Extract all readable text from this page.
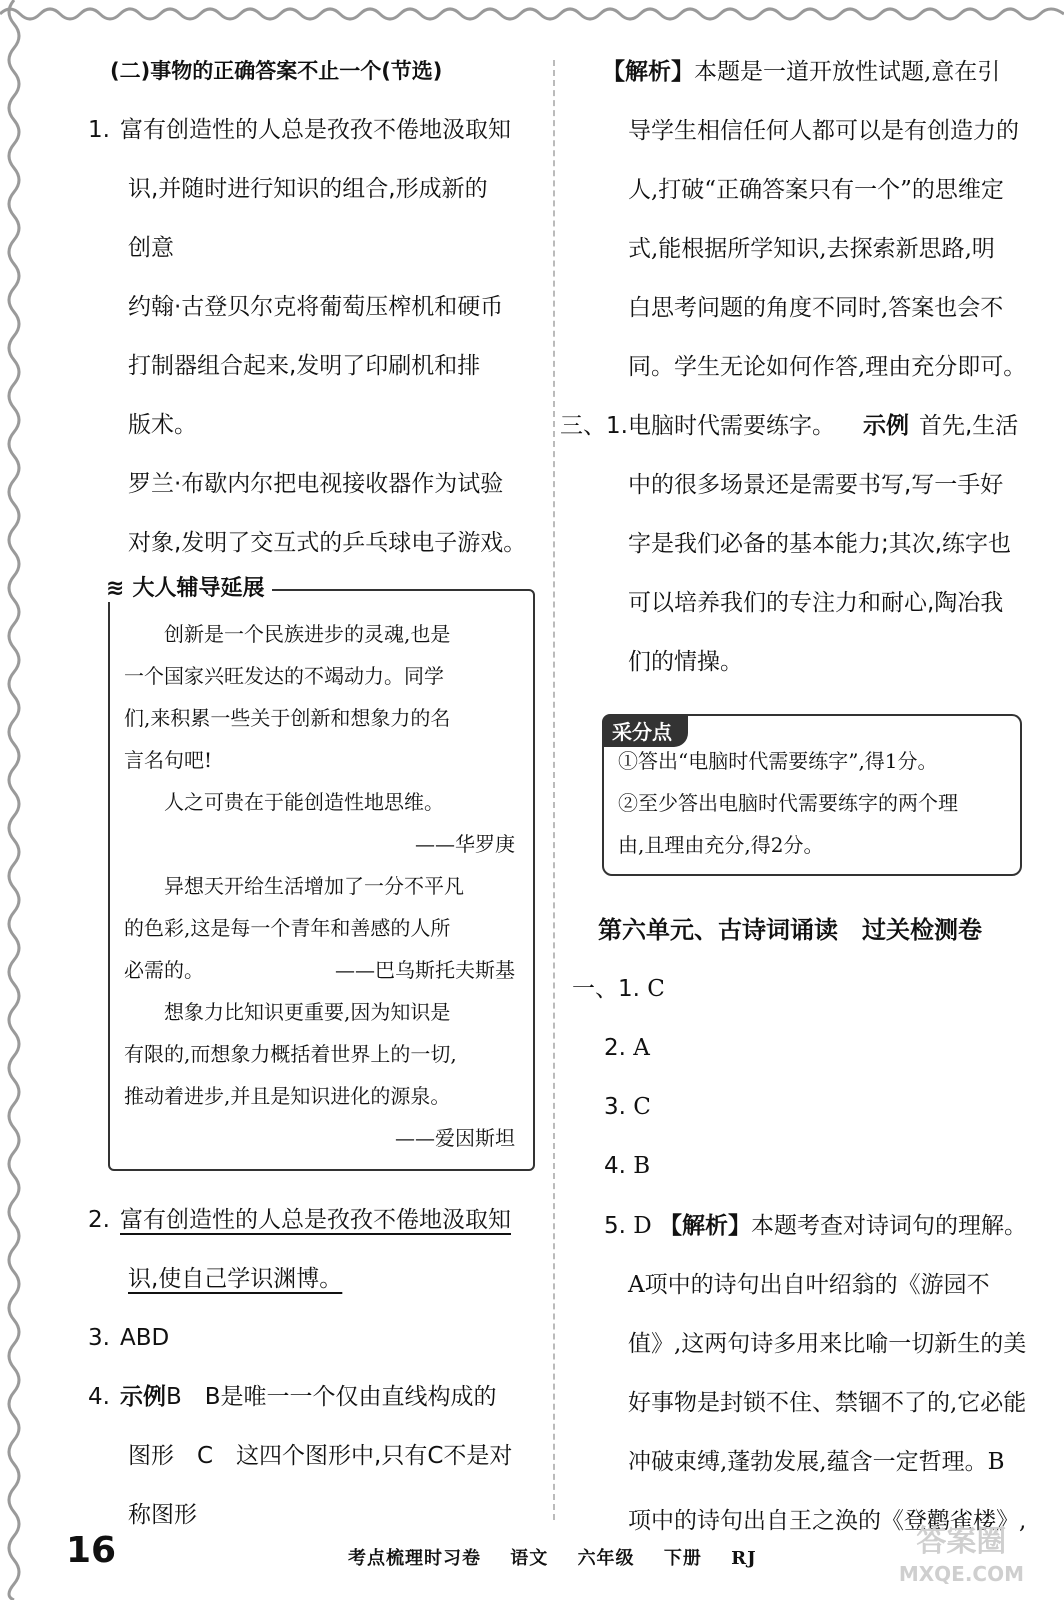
(二)事物的正确答案不止一个(节选)
1. 富有创造性的人总是孜孜不倦地汲取知
识,并随时进行知识的组合,形成新的
创意
约翰·古登贝尔克将葡萄压榨机和硬币
打制器组合起来,发明了印刷机和排
版术。
罗兰·布歇内尔把电视接收器作为试验
对象,发明了交互式的乒乓球电子游戏。
≋ 大人辅导延展
创新是一个民族进步的灵魂,也是
一个国家兴旺发达的不竭动力。同学
们,来积累一些关于创新和想象力的名
言名句吧!
人之可贵在于能创造性地思维。
——华罗庚
异想天开给生活增加了一分不平凡
的色彩,这是每一个青年和善感的人所
必需的。	——巴乌斯托夫斯基
想象力比知识更重要,因为知识是
有限的,而想象力概括着世界上的一切,
推动着进步,并且是知识进化的源泉。
——爱因斯坦
2. 富有创造性的人总是孜孜不倦地汲取知
识,使自己学识渊博。
3. ABD
4. 示例B　B是唯一一个仅由直线构成的
图形　C　这四个图形中,只有C不是对
称图形
【解析】本题是一道开放性试题,意在引
导学生相信任何人都可以是有创造力的
人,打破“正确答案只有一个”的思维定
式,能根据所学知识,去探索新思路,明
白思考问题的角度不同时,答案也会不
同。学生无论如何作答,理由充分即可。
三、1.电脑时代需要练字。 示例 首先,生活
中的很多场景还是需要书写,写一手好
字是我们必备的基本能力;其次,练字也
可以培养我们的专注力和耐心,陶冶我
们的情操。
采分点
①答出“电脑时代需要练字”,得1分。
②至少答出电脑时代需要练字的两个理
由,且理由充分,得2分。
第六单元、古诗词诵读　过关检测卷
一、1. C
2. A
3. C
4. B
5. D 【解析】本题考查对诗词句的理解。
A项中的诗句出自叶绍翁的《游园不
值》,这两句诗多用来比喻一切新生的美
好事物是封锁不住、禁锢不了的,它必能
冲破束缚,蓬勃发展,蕴含一定哲理。B
项中的诗句出自王之涣的《登鹳雀楼》,
16	考点梳理时习卷 语文 六年级 下册 RJ	答案圈
MXQE.COM
